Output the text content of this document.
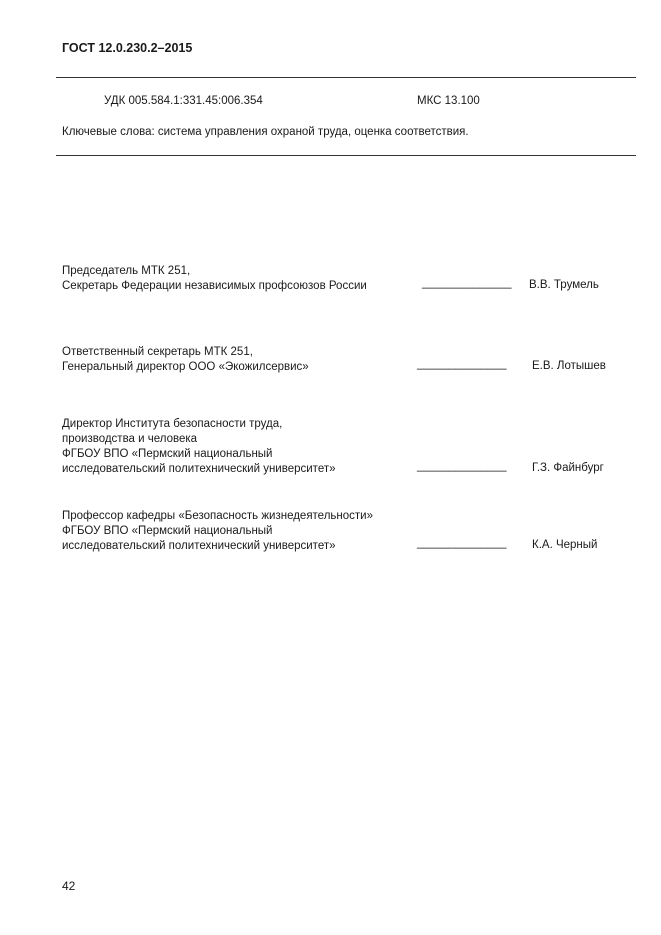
ГОСТ 12.0.230.2–2015
УДК 005.584.1:331.45:006.354	МКС 13.100
Ключевые слова: система управления охраной труда, оценка соответствия.
Председатель МТК 251,
Секретарь Федерации независимых профсоюзов России	______________ В.В. Трумель
Ответственный секретарь МТК 251,
Генеральный директор ООО «Экожилсервис»	______________ Е.В. Лотышев
Директор Института безопасности труда,
производства и человека
ФГБОУ ВПО «Пермский национальный
исследовательский политехнический университет»	______________ Г.З. Файнбург
Профессор кафедры «Безопасность жизнедеятельности»
ФГБОУ ВПО «Пермский национальный
исследовательский политехнический университет»	______________ К.А. Черный
42
